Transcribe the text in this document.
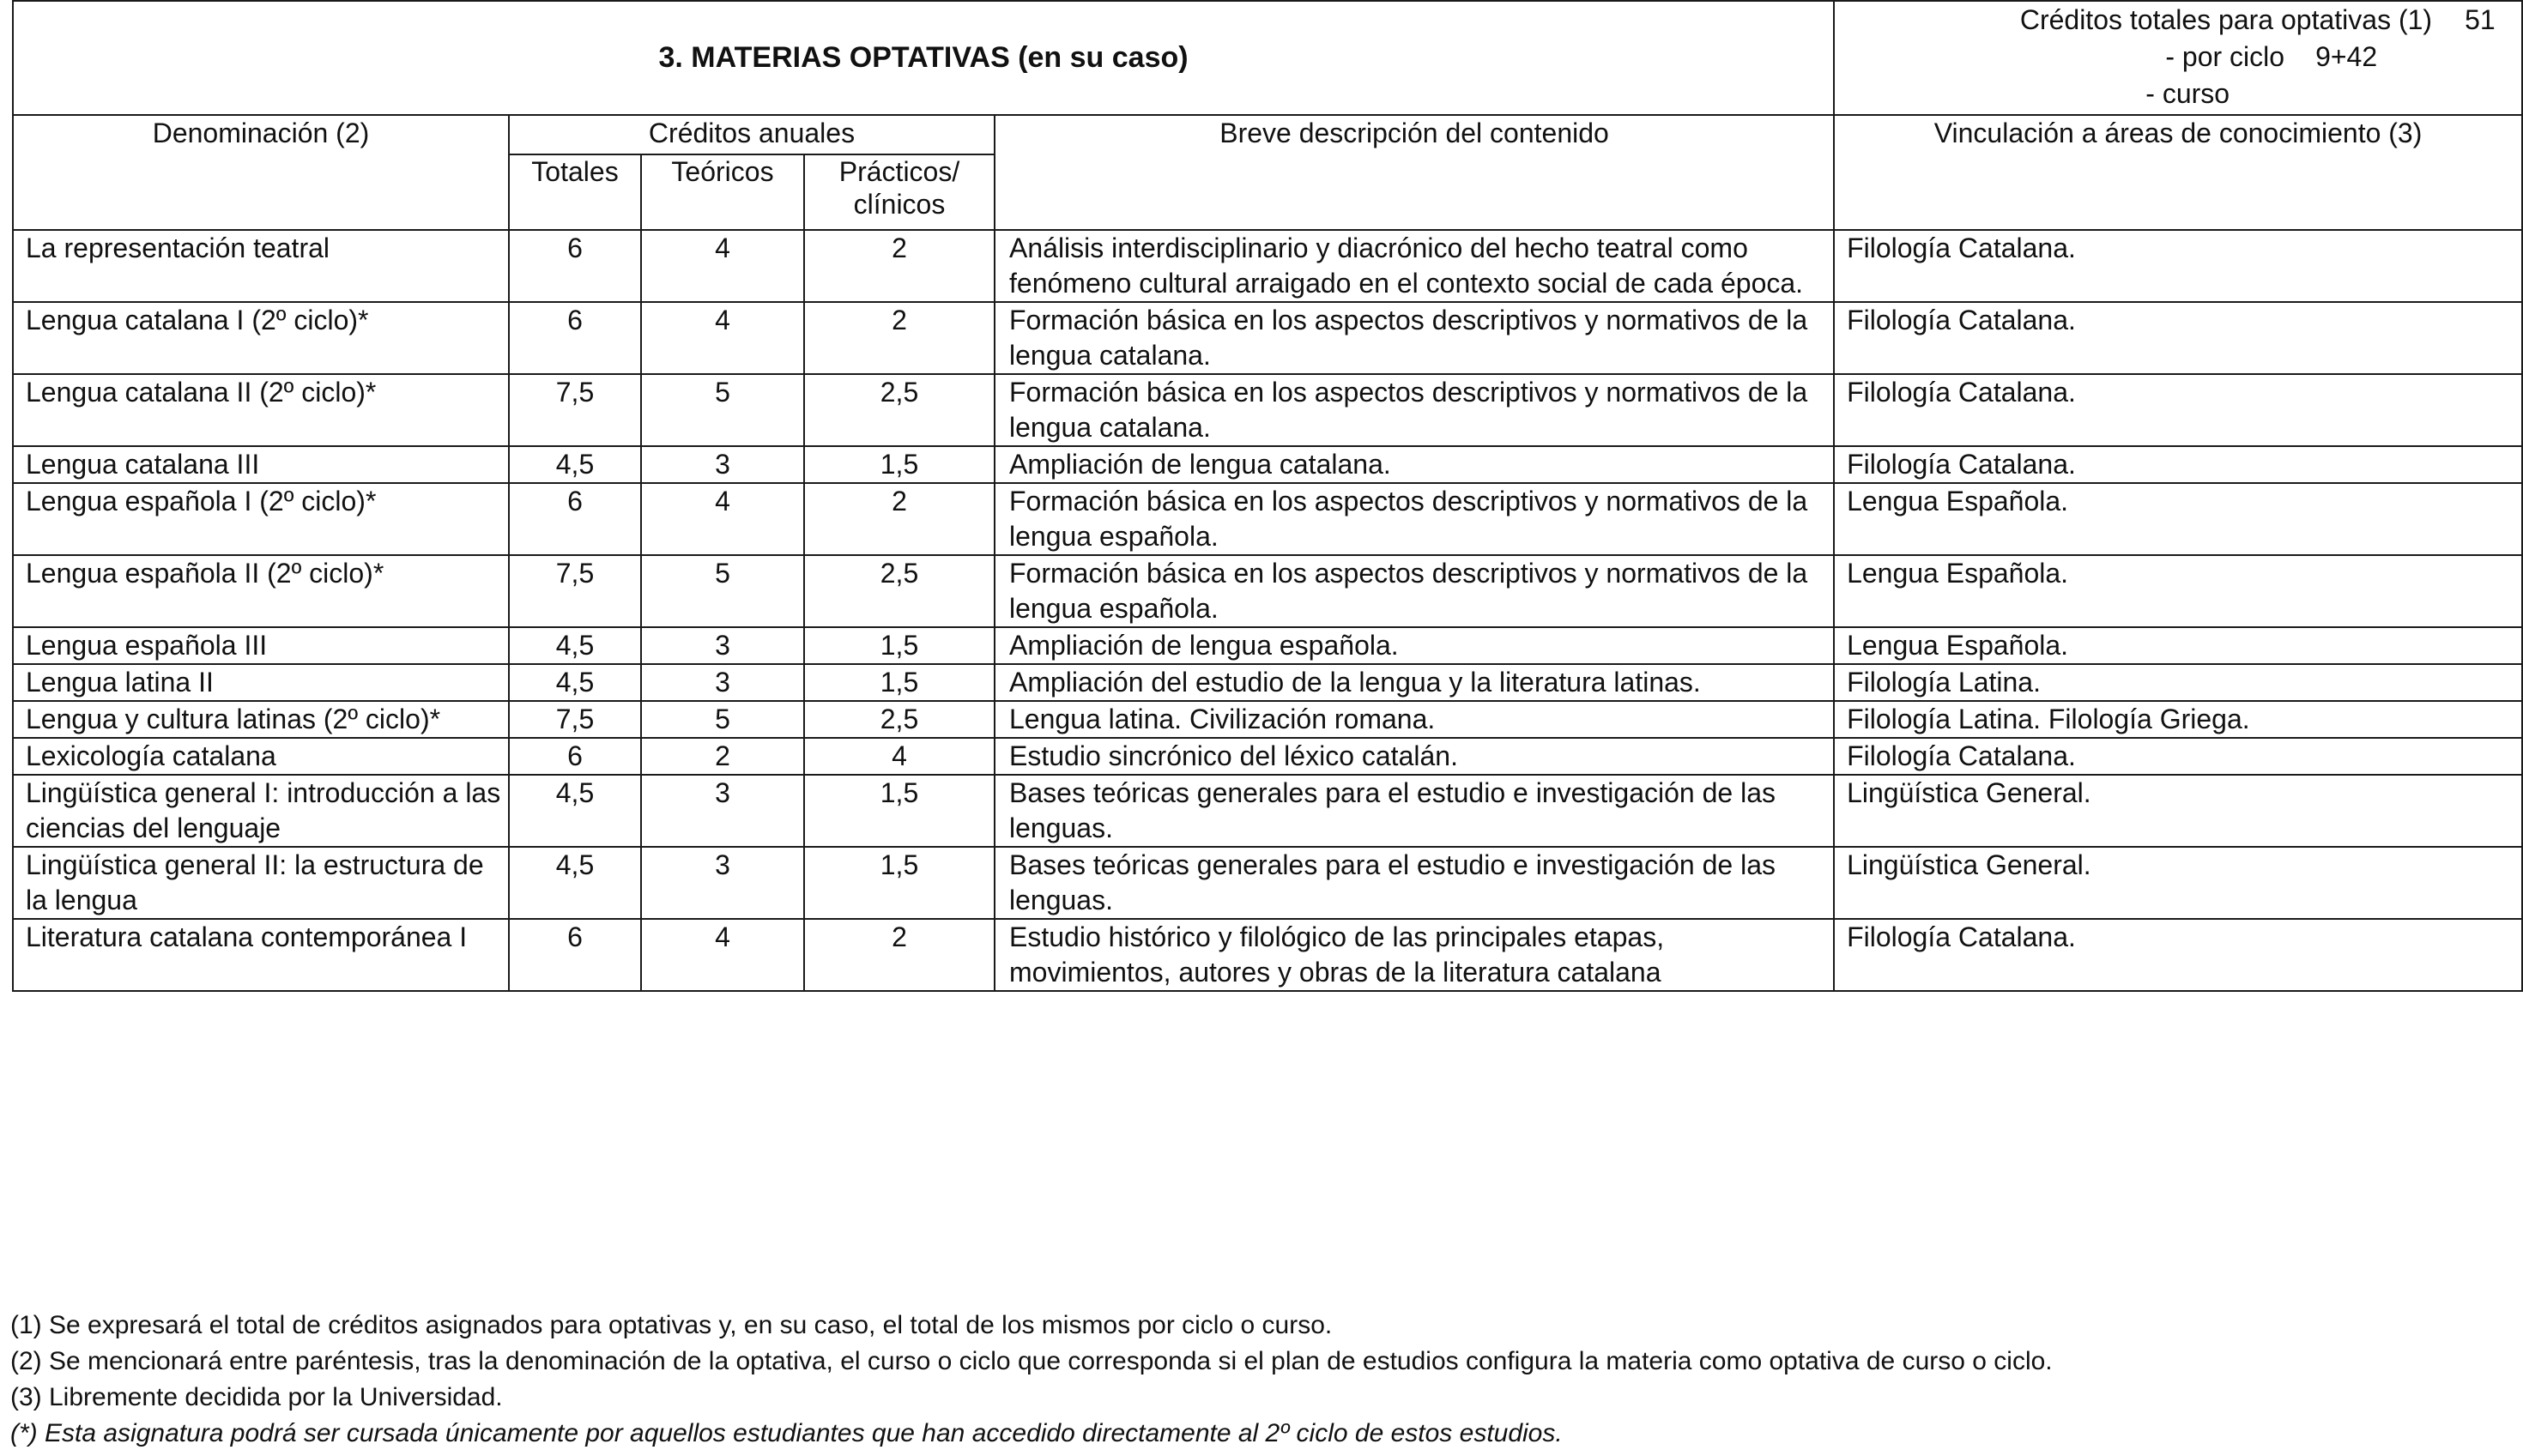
3. MATERIAS OPTATIVAS (en su caso)					Créditos totales para optativas (1) 51
- por ciclo 9+42
- curso

Denominación (2)	Créditos anuales			Breve descripción del contenido	Vinculación a áreas de conocimiento (3)
	Totales	Teóricos	Prácticos/
clínicos		

La representación teatral	6	4	2	Análisis interdisciplinario y diacrónico del hecho teatral como fenómeno cultural arraigado en el contexto social de cada época.	Filología Catalana.
Lengua catalana I (2º ciclo)*	6	4	2	Formación básica en los aspectos descriptivos y normativos de la lengua catalana.	Filología Catalana.
Lengua catalana II (2º ciclo)*	7,5	5	2,5	Formación básica en los aspectos descriptivos y normativos de la lengua catalana.	Filología Catalana.
Lengua catalana III	4,5	3	1,5	Ampliación de lengua catalana.	Filología Catalana.
Lengua española I (2º ciclo)*	6	4	2	Formación básica en los aspectos descriptivos y normativos de la lengua española.	Lengua Española.
Lengua española II (2º ciclo)*	7,5	5	2,5	Formación básica en los aspectos descriptivos y normativos de la lengua española.	Lengua Española.
Lengua española III	4,5	3	1,5	Ampliación de lengua española.	Lengua Española.
Lengua latina II	4,5	3	1,5	Ampliación del estudio de la lengua y la literatura latinas.	Filología Latina.
Lengua y cultura latinas (2º ciclo)*	7,5	5	2,5	Lengua latina. Civilización romana.	Filología Latina. Filología Griega.
Lexicología catalana	6	2	4	Estudio sincrónico del léxico catalán.	Filología Catalana.
Lingüística general I: introducción a las ciencias del lenguaje	4,5	3	1,5	Bases teóricas generales para el estudio e investigación de las lenguas.	Lingüística General.
Lingüística general II: la estructura de la lengua	4,5	3	1,5	Bases teóricas generales para el estudio e investigación de las lenguas.	Lingüística General.
Literatura catalana contemporánea I	6	4	2	Estudio histórico y filológico de las principales etapas, movimientos, autores y obras de la literatura catalana	Filología Catalana.
(1) Se expresará el total de créditos asignados para optativas y, en su caso, el total de los mismos por ciclo o curso.
(2) Se mencionará entre paréntesis, tras la denominación de la optativa, el curso o ciclo que corresponda si el plan de estudios configura la materia como optativa de curso o ciclo.
(3) Libremente decidida por la Universidad.
(*) Esta asignatura podrá ser cursada únicamente por aquellos estudiantes que han accedido directamente al 2º ciclo de estos estudios.
